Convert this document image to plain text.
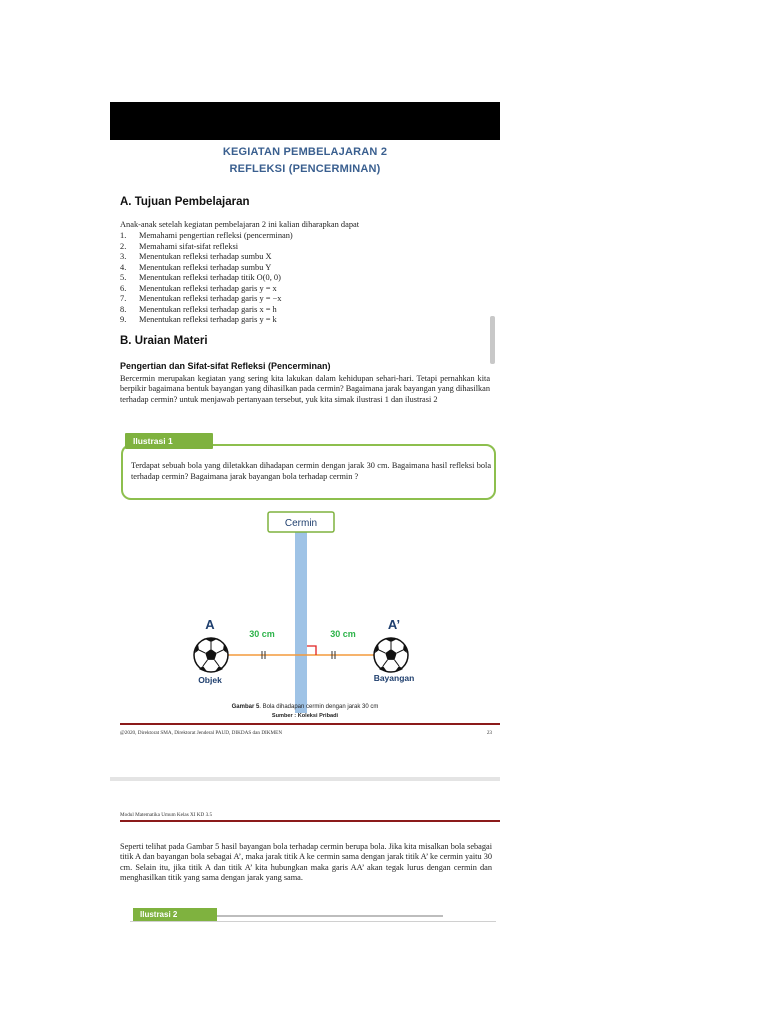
KEGIATAN PEMBELAJARAN 2
REFLEKSI (PENCERMINAN)
A. Tujuan Pembelajaran
Anak-anak setelah kegiatan pembelajaran 2 ini kalian diharapkan dapat
1.	Memahami pengertian refleksi (pencerminan)
2.	Memahami sifat-sifat refleksi
3.	Menentukan refleksi terhadap sumbu X
4.	Menentukan refleksi terhadap sumbu Y
5.	Menentukan refleksi terhadap titik O(0, 0)
6.	Menentukan refleksi terhadap garis y = x
7.	Menentukan refleksi terhadap garis y = −x
8.	Menentukan refleksi terhadap garis x = h
9.	Menentukan refleksi terhadap garis y = k
B. Uraian Materi
Pengertian dan Sifat-sifat Refleksi (Pencerminan)
Bercermin merupakan kegiatan yang sering kita lakukan dalam kehidupan sehari-hari. Tetapi pernahkan kita berpikir bagaimana bentuk bayangan yang dihasilkan pada cermin? Bagaimana jarak bayangan yang dihasilkan terhadap cermin? untuk menjawab pertanyaan tersebut, yuk kita simak ilustrasi 1 dan ilustrasi 2
Ilustrasi 1
Terdapat sebuah bola yang diletakkan dihadapan cermin dengan jarak 30 cm. Bagaimana hasil refleksi bola terhadap cermin? Bagaimana jarak bayangan bola terhadap cermin ?
Cermin
A	A’
30 cm	30 cm
Objek	Bayangan
Gambar 5. Bola dihadapan cermin dengan jarak 30 cm
Sumber : Koleksi Pribadi
@2020, Direktorat SMA, Direktorat Jenderal PAUD, DIKDAS dan DIKMEN	23
Modul Matematika Umum Kelas XI KD 3.5
Seperti telihat pada Gambar 5 hasil bayangan bola terhadap cermin berupa bola. Jika kita misalkan bola sebagai titik A dan bayangan bola sebagai A’, maka jarak titik A ke cermin sama dengan jarak titik A’ ke cermin yaitu 30 cm. Selain itu, jika titik A dan titik A’ kita hubungkan maka garis AA’ akan tegak lurus dengan cermin dan menghasilkan titik yang sama dengan jarak yang sama.
Ilustrasi 2
